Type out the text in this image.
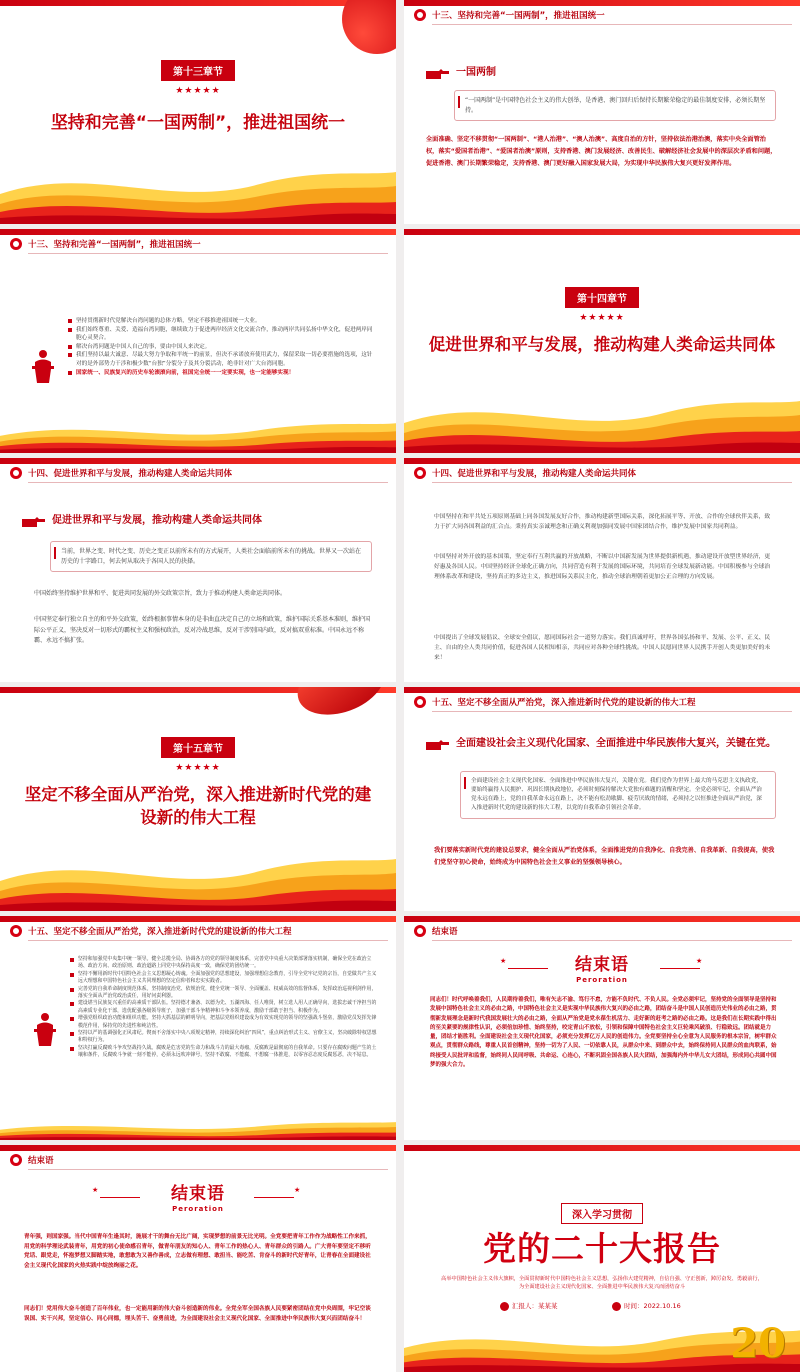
第十三章节
★★★★★
坚持和完善“一国两制”，推进祖国统一
十三、坚持和完善“一国两制”，推进祖国统一
一国两制
“一国两制”是中国特色社会主义的伟大创举，是香港、澳门回归后保持长期繁荣稳定的最佳制度安排，必须长期坚持。
全面准确、坚定不移贯彻“一国两制”、“港人治港”、“澳人治澳”、高度自治的方针，坚持依法治港治澳，落实中央全面管治权，落实“爱国者治港”、“爱国者治澳”原则，支持香港、澳门发展经济、改善民生、破解经济社会发展中的深层次矛盾和问题，促进香港、澳门长期繁荣稳定，支持香港、澳门更好融入国家发展大局，为实现中华民族伟大复兴更好发挥作用。
十三、坚持和完善“一国两制”，推进祖国统一
坚持贯彻新时代党解决台湾问题的总体方略，坚定不移推进祖国统一大业。
我们始终尊重、关爱、造福台湾同胞，继续致力于促进两岸经济文化交流合作，推动两岸共同弘扬中华文化，促进两岸同胞心灵契合。
解决台湾问题是中国人自己的事，要由中国人来决定。
我们坚持以最大诚意、尽最大努力争取和平统一的前景，但决不承诺放弃使用武力，保留采取一切必要措施的选项，这针对的是外部势力干涉和极少数“台独”分裂分子及其分裂活动，绝非针对广大台湾同胞。
国家统一、民族复兴的历史车轮滚滚向前，祖国完全统一一定要实现，也一定能够实现！
第十四章节
★★★★★
促进世界和平与发展，推动构建人类命运共同体
十四、促进世界和平与发展，推动构建人类命运共同体
促进世界和平与发展，推动构建人类命运共同体
当前，世界之变、时代之变、历史之变正以前所未有的方式展开，人类社会面临前所未有的挑战。世界又一次站在历史的十字路口，何去何从取决于各国人民的抉择。
中国始终坚持维护世界和平、促进共同发展的外交政策宗旨，致力于推动构建人类命运共同体。
中国坚定奉行独立自主的和平外交政策，始终根据事情本身的是非曲直决定自己的立场和政策，维护国际关系基本准则，维护国际公平正义，坚决反对一切形式的霸权主义和强权政治，反对冷战思维，反对干涉别国内政，反对搞双重标准。中国永远不称霸、永远不搞扩张。
十四、促进世界和平与发展，推动构建人类命运共同体
中国坚持在和平共处五项原则基础上同各国发展友好合作，推动构建新型国际关系，深化拓展平等、开放、合作的全球伙伴关系，致力于扩大同各国利益的汇合点。秉持真实亲诚理念和正确义利观加强同发展中国家团结合作，维护发展中国家共同利益。
中国坚持对外开放的基本国策，坚定奉行互利共赢的开放战略，不断以中国新发展为世界提供新机遇，推动建设开放型世界经济，更好惠及各国人民。中国坚持经济全球化正确方向，共同营造有利于发展的国际环境，共同培育全球发展新动能。中国积极参与全球治理体系改革和建设，坚持真正的多边主义，推进国际关系民主化，推动全球治理朝着更加公正合理的方向发展。
中国提出了全球发展倡议、全球安全倡议，愿同国际社会一道努力落实。我们真诚呼吁，世界各国弘扬和平、发展、公平、正义、民主、自由的全人类共同价值，促进各国人民相知相亲，共同应对各种全球性挑战。中国人民愿同世界人民携手开创人类更加美好的未来！
第十五章节
★★★★★
坚定不移全面从严治党，深入推进新时代党的建设新的伟大工程
十五、坚定不移全面从严治党，深入推进新时代党的建设新的伟大工程
全面建设社会主义现代化国家、全面推进中华民族伟大复兴，关键在党。
全面建设社会主义现代化国家、全面推进中华民族伟大复兴，关键在党。我们党作为世界上最大的马克思主义执政党，要始终赢得人民拥护、巩固长期执政地位，必须时刻保持解决大党独有难题的清醒和坚定。全党必须牢记，全面从严治党永远在路上，党的自我革命永远在路上，决不能有松劲歇脚、疲劳厌战的情绪，必须持之以恒推进全面从严治党，深入推进新时代党的建设新的伟大工程，以党的自我革命引领社会革命。
我们要落实新时代党的建设总要求，健全全面从严治党体系，全面推进党的自我净化、自我完善、自我革新、自我提高，使我们党坚守初心使命，始终成为中国特色社会主义事业的坚强领导核心。
十五、坚定不移全面从严治党，深入推进新时代党的建设新的伟大工程
坚持和加强党中央集中统一领导。健全总揽全局、协调各方的党的领导制度体系，完善党中央重大决策部署落实机制，确保全党在政治立场、政治方向、政治原则、政治道路上同党中央保持高度一致，确保党的团结统一。
坚持不懈用新时代中国特色社会主义思想凝心铸魂。全面加强党的思想建设，加强理想信念教育，引导全党牢记党的宗旨，自觉做共产主义远大理想和中国特色社会主义共同理想的坚定信仰者和忠实实践者。
完善党的自我革命制度规范体系。坚持制度治党、依规治党，健全党统一领导、全面覆盖、权威高效的监督体系，发挥政治巡视利剑作用，落实全面从严治党政治责任，用好问责利器。
建设堪当民族复兴重任的高素质干部队伍。坚持德才兼备、以德为先、五湖四海、任人唯贤，树立选人用人正确导向，选拔忠诚干净担当的高素质专业化干部，选优配强各级领导班子，加强干部斗争精神和斗争本领养成，激励干部敢于担当、积极作为。
增强党组织政治功能和组织功能。坚持大抓基层的鲜明导向，把基层党组织建设成为有效实现党的领导的坚强战斗堡垒，激励党员发挥先锋模范作用，保持党的先进性和纯洁性。
坚持以严的基调强化正风肃纪。锲而不舍落实中央八项规定精神，持续深化纠治“四风”，重点纠治形式主义、官僚主义，坚决破除特权思想和特权行为。
坚决打赢反腐败斗争攻坚战持久战。腐败是危害党的生命力和战斗力的最大毒瘤，反腐败是最彻底的自我革命。只要存在腐败问题产生的土壤和条件，反腐败斗争就一刻不能停，必须永远吹冲锋号，坚持不敢腐、不能腐、不想腐一体推进，以零容忍态度反腐惩恶，决不姑息。
结束语
★	★
结束语
Peroration
同志们！时代呼唤着我们，人民期待着我们，唯有矢志不渝、笃行不怠，方能不负时代、不负人民。全党必须牢记，坚持党的全面领导是坚持和发展中国特色社会主义的必由之路，中国特色社会主义是实现中华民族伟大复兴的必由之路，团结奋斗是中国人民创造历史伟业的必由之路，贯彻新发展理念是新时代我国发展壮大的必由之路，全面从严治党是党永葆生机活力、走好新的赶考之路的必由之路。这是我们在长期实践中得出的至关紧要的规律性认识，必须倍加珍惜、始终坚持，咬定青山不放松，引领和保障中国特色社会主义巨轮乘风破浪、行稳致远。团结就是力量，团结才能胜利。全面建设社会主义现代化国家，必须充分发挥亿万人民的创造伟力。全党要坚持全心全意为人民服务的根本宗旨，树牢群众观点，贯彻群众路线，尊重人民首创精神，坚持一切为了人民、一切依靠人民，从群众中来、到群众中去，始终保持同人民群众的血肉联系，始终接受人民批评和监督，始终同人民同呼吸、共命运、心连心，不断巩固全国各族人民大团结，加强海内外中华儿女大团结，形成同心共圆中国梦的强大合力。
结束语
★	★
结束语
Peroration
青年强，则国家强。当代中国青年生逢其时，施展才干的舞台无比广阔，实现梦想的前景无比光明。全党要把青年工作作为战略性工作来抓，用党的科学理论武装青年，用党的初心使命感召青年，做青年朋友的知心人、青年工作的热心人、青年群众的引路人。广大青年要坚定不移听党话、跟党走，怀抱梦想又脚踏实地，敢想敢为又善作善成，立志做有理想、敢担当、能吃苦、肯奋斗的新时代好青年，让青春在全面建设社会主义现代化国家的火热实践中绽放绚丽之花。
同志们！党用伟大奋斗创造了百年伟业，也一定能用新的伟大奋斗创造新的伟业。全党全军全国各族人民要紧密团结在党中央周围，牢记空谈误国、实干兴邦，坚定信心、同心同德，埋头苦干、奋勇前进，为全面建设社会主义现代化国家、全面推进中华民族伟大复兴而团结奋斗！
深入学习贯彻
党的二十大报告
高举中国特色社会主义伟大旗帜，全面贯彻新时代中国特色社会主义思想，弘扬伟大建党精神，自信自强、守正创新，踔厉奋发、勇毅前行，为全面建设社会主义现代化国家、全面推进中华民族伟大复兴而团结奋斗
汇报人：某某某	时间：2022.10.16
20
